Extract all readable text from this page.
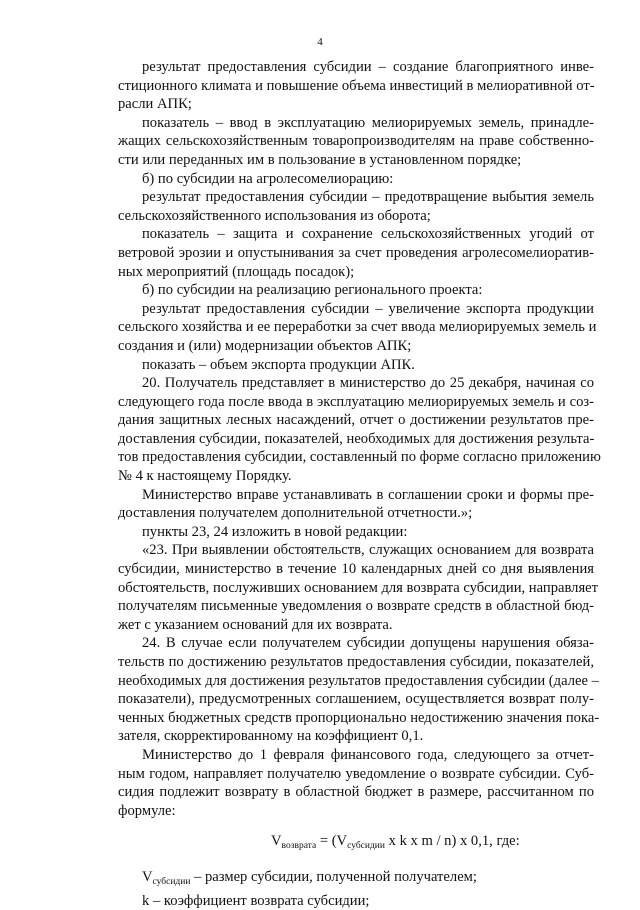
4
результат предоставления субсидии – создание благоприятного инве-
стиционного климата и повышение объема инвестиций в мелиоративной от-
расли АПК;
показатель – ввод в эксплуатацию мелиорируемых земель, принадле-
жащих сельскохозяйственным товаропроизводителям на праве собственно-
сти или переданных им в пользование в установленном порядке;
б) по субсидии на агролесомелиорацию:
результат предоставления субсидии – предотвращение выбытия земель
сельскохозяйственного использования из оборота;
показатель – защита и сохранение сельскохозяйственных угодий от
ветровой эрозии и опустынивания за счет проведения агролесомелиоратив-
ных мероприятий (площадь посадок);
б) по субсидии на реализацию регионального проекта:
результат предоставления субсидии – увеличение экспорта продукции
сельского хозяйства и ее переработки за счет ввода мелиорируемых земель и
создания и (или) модернизации объектов АПК;
показать – объем экспорта продукции АПК.
20. Получатель представляет в министерство до 25 декабря, начиная со
следующего года после ввода в эксплуатацию мелиорируемых земель и соз-
дания защитных лесных насаждений, отчет о достижении результатов пре-
доставления субсидии, показателей, необходимых для достижения результа-
тов предоставления субсидии, составленный по форме согласно приложению
№ 4 к настоящему Порядку.
Министерство вправе устанавливать в соглашении сроки и формы пре-
доставления получателем дополнительной отчетности.»;
пункты 23, 24 изложить в новой редакции:
«23. При выявлении обстоятельств, служащих основанием для возврата
субсидии, министерство в течение 10 календарных дней со дня выявления
обстоятельств, послуживших основанием для возврата субсидии, направляет
получателям письменные уведомления о возврате средств в областной бюд-
жет с указанием оснований для их возврата.
24. В случае если получателем субсидии допущены нарушения обяза-
тельств по достижению результатов предоставления субсидии, показателей,
необходимых для достижения результатов предоставления субсидии (далее –
показатели), предусмотренных соглашением, осуществляется возврат полу-
ченных бюджетных средств пропорционально недостижению значения пока-
зателя, скорректированному на коэффициент 0,1.
Министерство до 1 февраля финансового года, следующего за отчет-
ным годом, направляет получателю уведомление о возврате субсидии. Суб-
сидия подлежит возврату в областной бюджет в размере, рассчитанном по
формуле:
$V_{возврата} = (V_{субсидии}$ x k x m / n) x 0,1, где:
$V_{субсидии}$ – размер субсидии, полученной получателем;
k – коэффициент возврата субсидии;
